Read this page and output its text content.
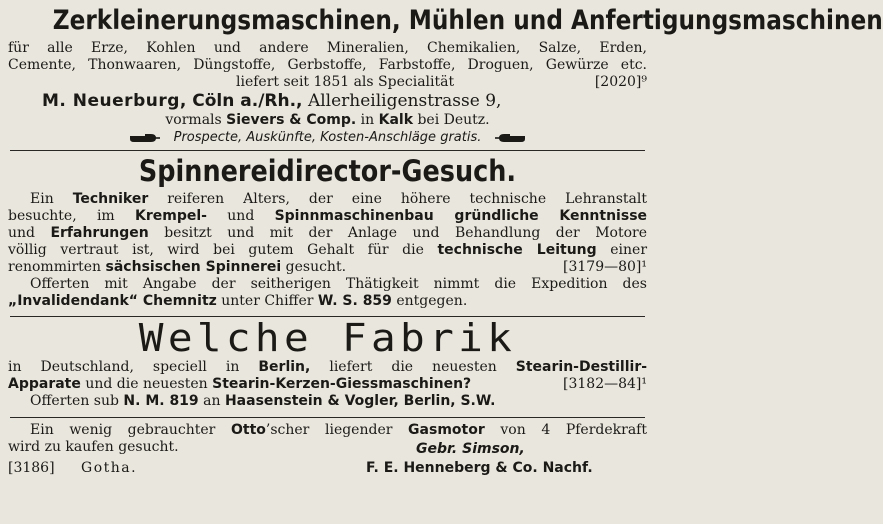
Zerkleinerungsmaschinen, Mühlen und Anfertigungsmaschinen
für alle Erze, Kohlen und andere Mineralien, Chemikalien, Salze, Erden,
Cemente, Thonwaaren, Düngstoffe, Gerbstoffe, Farbstoffe, Droguen, Gewürze etc.
liefert seit 1851 als Specialität	[2020]⁹
M. Neuerburg, Cöln a./Rh., Allerheiligenstrasse 9,
vormals Sievers & Comp. in Kalk bei Deutz.
Prospecte, Auskünfte, Kosten-Anschläge gratis.
Spinnereidirector-Gesuch.
Ein Techniker reiferen Alters, der eine höhere technische Lehranstalt
besuchte, im Krempel- und Spinnmaschinenbau gründliche Kenntnisse
und Erfahrungen besitzt und mit der Anlage und Behandlung der Motore
völlig vertraut ist, wird bei gutem Gehalt für die technische Leitung einer
renommirten sächsischen Spinnerei gesucht.	[3179—80]¹
Offerten mit Angabe der seitherigen Thätigkeit nimmt die Expedition des
„Invalidendank“ Chemnitz unter Chiffer W. S. 859 entgegen.
Welche Fabrik
in Deutschland, speciell in Berlin, liefert die neuesten Stearin-Destillir-
Apparate und die neuesten Stearin-Kerzen-Giessmaschinen?	[3182—84]¹
Offerten sub N. M. 819 an Haasenstein & Vogler, Berlin, S.W.
Ein wenig gebrauchter Otto’scher liegender Gasmotor von 4 Pferdekraft
wird zu kaufen gesucht.	Gebr. Simson,
[3186] Gotha.	F. E. Henneberg & Co. Nachf.
